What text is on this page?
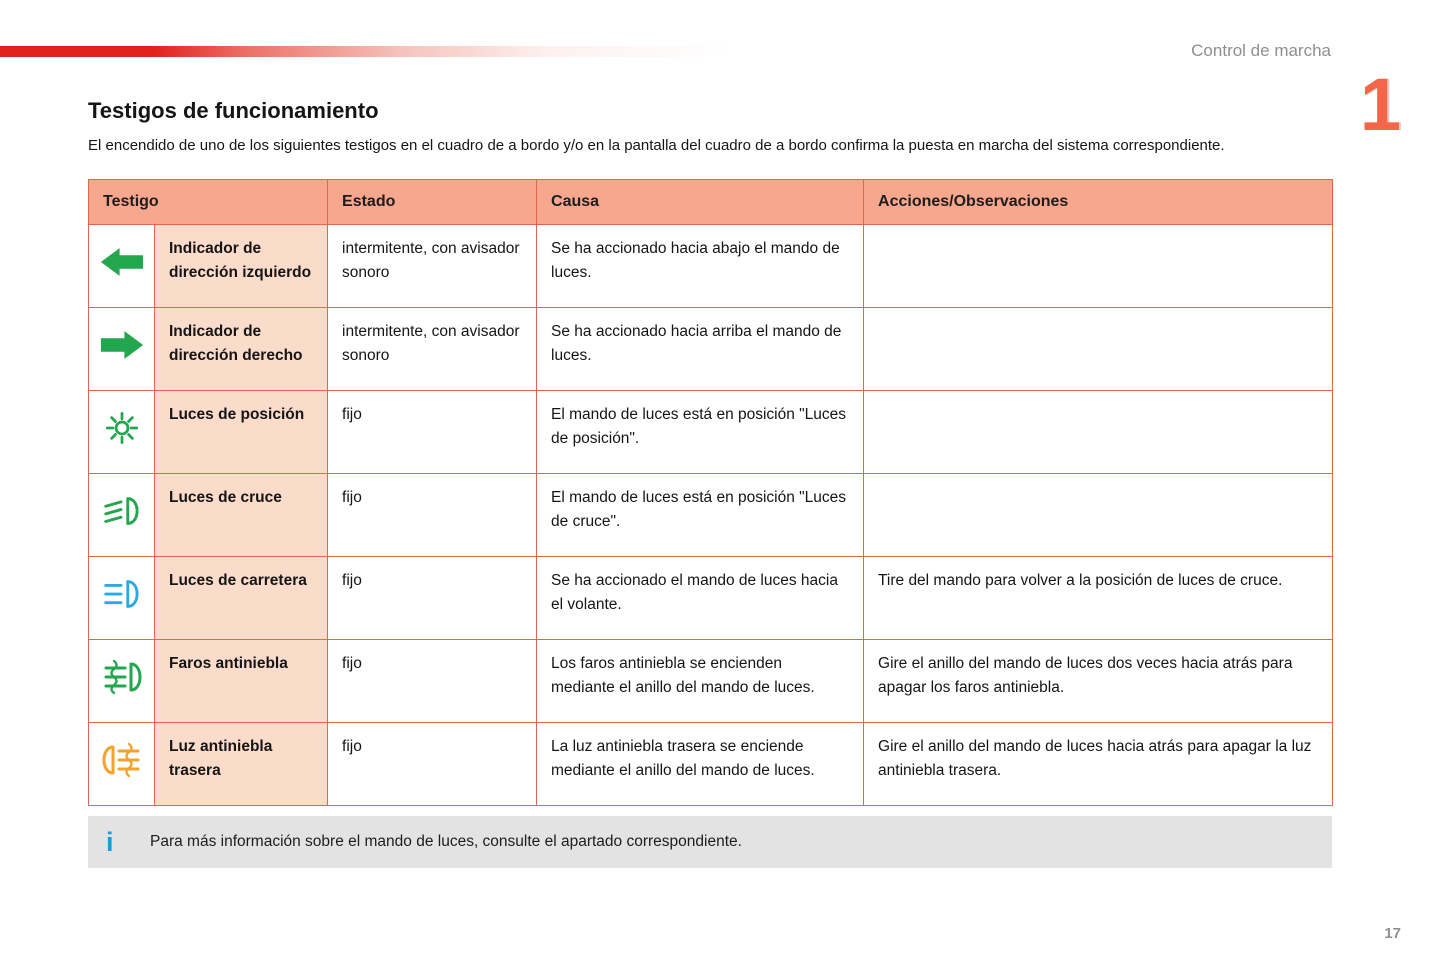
Control de marcha
1
Testigos de funcionamiento

El encendido de uno de los siguientes testigos en el cuadro de a bordo y/o en la pantalla del cuadro de a bordo confirma la puesta en marcha del sistema correspondiente.

Testigo		Estado	Causa	Acciones/Observaciones
	Indicador de dirección izquierdo	intermitente, con avisador sonoro	Se ha accionado hacia abajo el mando de luces.	
	Indicador de dirección derecho	intermitente, con avisador sonoro	Se ha accionado hacia arriba el mando de luces.	
	Luces de posición	fijo	El mando de luces está en posición "Luces de posición".	
	Luces de cruce	fijo	El mando de luces está en posición "Luces de cruce".	
	Luces de carretera	fijo	Se ha accionado el mando de luces hacia el volante.	Tire del mando para volver a la posición de luces de cruce.
	Faros antiniebla	fijo	Los faros antiniebla se encienden mediante el anillo del mando de luces.	Gire el anillo del mando de luces dos veces hacia atrás para apagar los faros antiniebla.
	Luz antiniebla trasera	fijo	La luz antiniebla trasera se enciende mediante el anillo del mando de luces.	Gire el anillo del mando de luces hacia atrás para apagar la luz antiniebla trasera.
i	Para más información sobre el mando de luces, consulte el apartado correspondiente.
17
